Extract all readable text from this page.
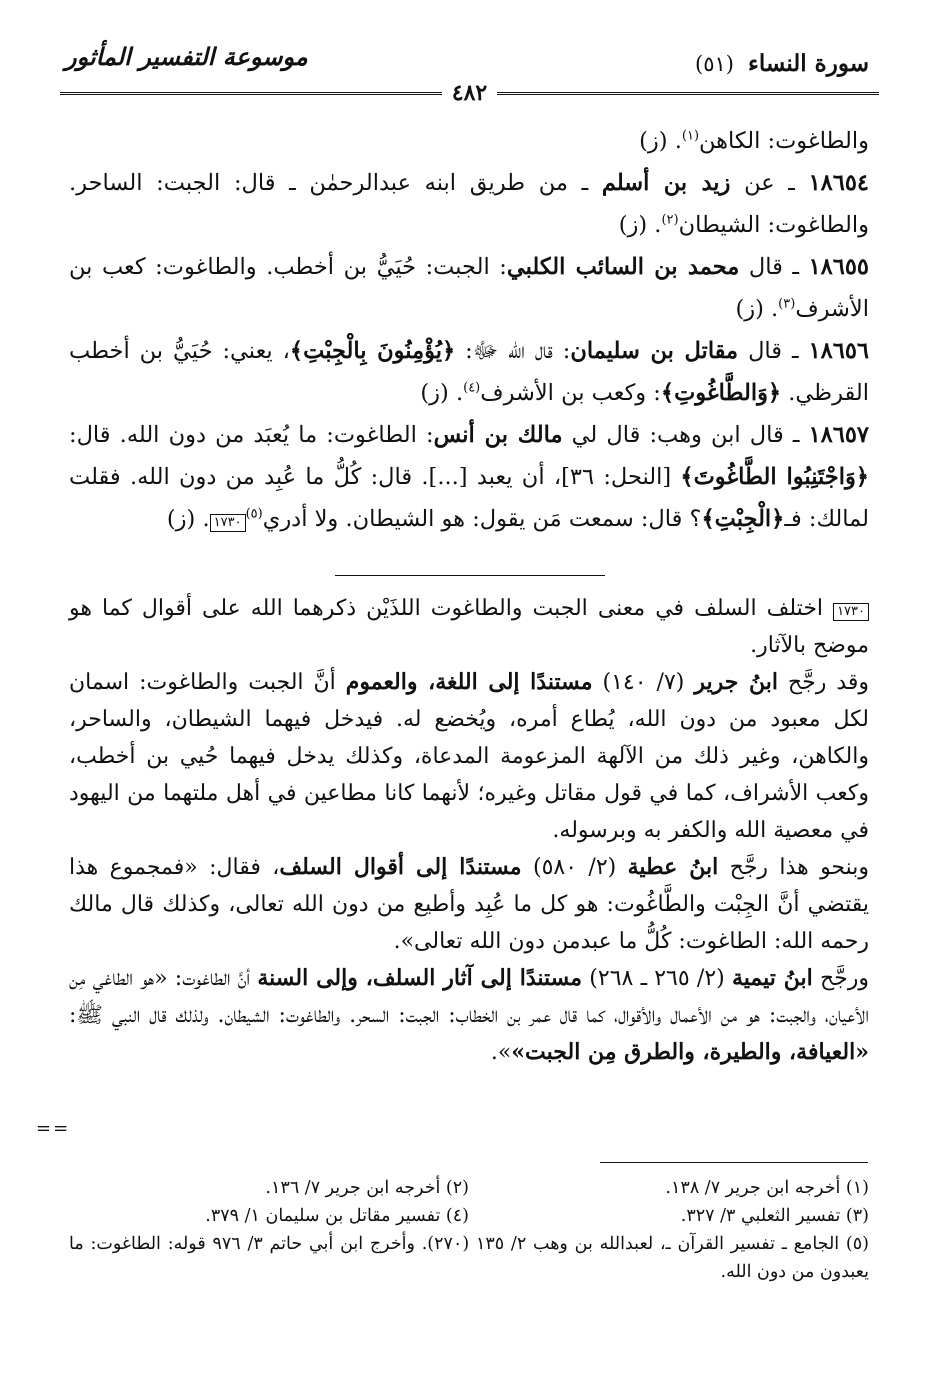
سورة النساء (٥١)
موسوعة التفسير المأثور
٤٨٢

والطاغوت: الكاهن$^{(١)}$. (ز)

١٨٦٥٤ ـ عن زيد بن أسلم ـ من طريق ابنه عبدالرحمٰن ـ قال: الجبت: الساحر. والطاغوت: الشيطان$^{(٢)}$. (ز)

١٨٦٥٥ ـ قال محمد بن السائب الكلبي: الجبت: حُيَيُّ بن أخطب. والطاغوت: كعب بن الأشرف$^{(٣)}$. (ز)

١٨٦٥٦ ـ قال مقاتل بن سليمان: قال الله ﷻ: ﴿يُؤْمِنُونَ بِالْجِبْتِ﴾، يعني: حُيَيُّ بن أخطب القرظي. ﴿وَالطَّاغُوتِ﴾: وكعب بن الأشرف$^{(٤)}$. (ز)

١٨٦٥٧ ـ قال ابن وهب: قال لي مالك بن أنس: الطاغوت: ما يُعبَد من دون الله. قال: ﴿وَاجْتَنِبُوا الطَّاغُوتَ﴾ [النحل: ٣٦]، أن يعبد [...]. قال: كُلُّ ما عُبِد من دون الله. فقلت لمالك: فـ﴿الْجِبْتِ﴾؟ قال: سمعت مَن يقول: هو الشيطان. ولا أدري$^{(٥)}$١٧٣٠. (ز)

١٧٣٠ اختلف السلف في معنى الجبت والطاغوت اللذَيْن ذكرهما الله على أقوال كما هو موضح بالآثار.

وقد رجَّح ابنُ جرير (٧/ ١٤٠) مستندًا إلى اللغة، والعموم أنَّ الجبت والطاغوت: اسمان لكل معبود من دون الله، يُطاع أمره، ويُخضع له. فيدخل فيهما الشيطان، والساحر، والكاهن، وغير ذلك من الآلهة المزعومة المدعاة، وكذلك يدخل فيهما حُيي بن أخطب، وكعب الأشراف، كما في قول مقاتل وغيره؛ لأنهما كانا مطاعين في أهل ملتهما من اليهود في معصية الله والكفر به وبرسوله.

وبنحو هذا رجَّح ابنُ عطية (٢/ ٥٨٠) مستندًا إلى أقوال السلف، فقال: «فمجموع هذا يقتضي أنَّ الجِبْت والطَّاغُوت: هو كل ما عُبِد وأطيع من دون الله تعالى، وكذلك قال مالك رحمه الله: الطاغوت: كُلُّ ما عبدمن دون الله تعالى».

ورجَّح ابنُ تيمية (٢/ ٢٦٥ ـ ٢٦٨) مستندًا إلى آثار السلف، وإلى السنة أنَّ الطاغوت: «هو الطاغي مِن الأعيان، والجبت: هو من الأعمال والأقوال، كما قال عمر بن الخطاب: الجبت: السحر. والطاغوت: الشيطان. ولذلك قال النبي ﷺ: «العيافة، والطيرة، والطرق مِن الجبت»».

==
(١) أخرجه ابن جرير ٧/ ١٣٨.
(٢) أخرجه ابن جرير ٧/ ١٣٦.
(٣) تفسير الثعلبي ٣/ ٣٢٧.
(٤) تفسير مقاتل بن سليمان ١/ ٣٧٩.
(٥) الجامع ـ تفسير القرآن ـ، لعبدالله بن وهب ٢/ ١٣٥ (٢٧٠). وأخرج ابن أبي حاتم ٣/ ٩٧٦ قوله: الطاغوت: ما يعبدون من دون الله.
